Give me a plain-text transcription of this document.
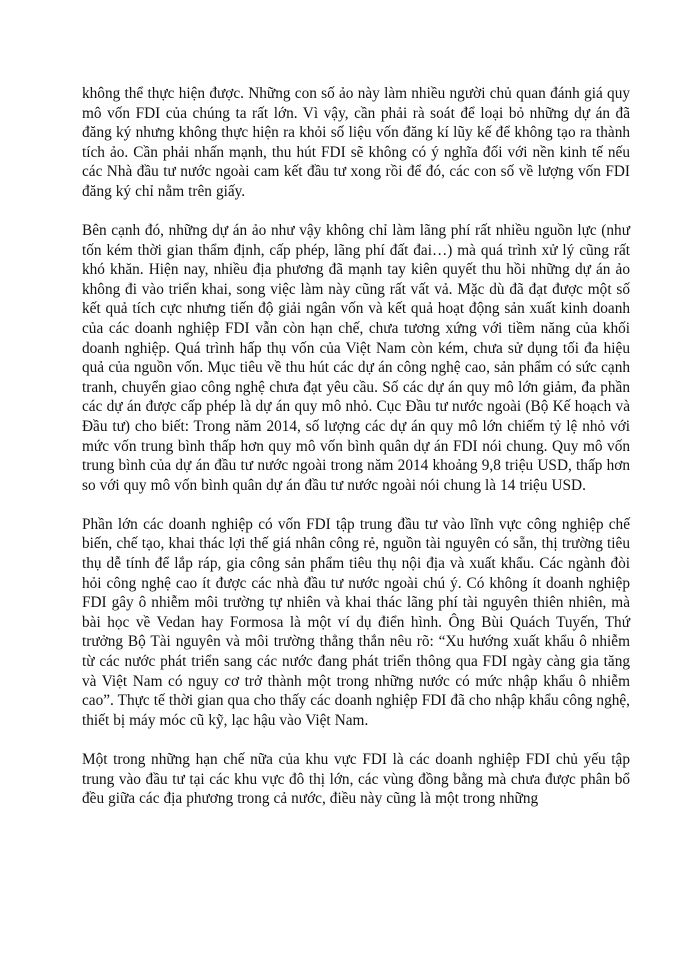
không thể thực hiện được. Những con số ảo này làm nhiều người chủ quan đánh giá quy mô vốn FDI của chúng ta rất lớn. Vì vậy, cần phải rà soát để loại bỏ những dự án đã đăng ký nhưng không thực hiện ra khỏi số liệu vốn đăng kí lũy kế để không tạo ra thành tích ảo. Cần phải nhấn mạnh, thu hút FDI sẽ không có ý nghĩa đối với nền kinh tế nếu các Nhà đầu tư nước ngoài cam kết đầu tư xong rồi để đó, các con số về lượng vốn FDI đăng ký chỉ nằm trên giấy.

Bên cạnh đó, những dự án ảo như vậy không chỉ làm lãng phí rất nhiều nguồn lực (như tốn kém thời gian thẩm định, cấp phép, lãng phí đất đai…) mà quá trình xử lý cũng rất khó khăn. Hiện nay, nhiều địa phương đã mạnh tay kiên quyết thu hồi những dự án ảo không đi vào triển khai, song việc làm này cũng rất vất vả. Mặc dù đã đạt được một số kết quả tích cực nhưng tiến độ giải ngân vốn và kết quả hoạt động sản xuất kinh doanh của các doanh nghiệp FDI vẫn còn hạn chế, chưa tương xứng với tiềm năng của khối doanh nghiệp. Quá trình hấp thụ vốn của Việt Nam còn kém, chưa sử dụng tối đa hiệu quả của nguồn vốn. Mục tiêu về thu hút các dự án công nghệ cao, sản phẩm có sức cạnh tranh, chuyển giao công nghệ chưa đạt yêu cầu. Số các dự án quy mô lớn giảm, đa phần các dự án được cấp phép là dự án quy mô nhỏ. Cục Đầu tư nước ngoài (Bộ Kế hoạch và Đầu tư) cho biết: Trong năm 2014, số lượng các dự án quy mô lớn chiếm tỷ lệ nhỏ với mức vốn trung bình thấp hơn quy mô vốn bình quân dự án FDI nói chung. Quy mô vốn trung bình của dự án đầu tư nước ngoài trong năm 2014 khoảng 9,8 triệu USD, thấp hơn so với quy mô vốn bình quân dự án đầu tư nước ngoài nói chung là 14 triệu USD.

Phần lớn các doanh nghiệp có vốn FDI tập trung đầu tư vào lĩnh vực công nghiệp chế biến, chế tạo, khai thác lợi thế giá nhân công rẻ, nguồn tài nguyên có sẵn, thị trường tiêu thụ dễ tính để lắp ráp, gia công sản phẩm tiêu thụ nội địa và xuất khẩu. Các ngành đòi hỏi công nghệ cao ít được các nhà đầu tư nước ngoài chú ý. Có không ít doanh nghiệp FDI gây ô nhiễm môi trường tự nhiên và khai thác lãng phí tài nguyên thiên nhiên, mà bài học về Vedan hay Formosa là một ví dụ điển hình. Ông Bùi Quách Tuyến, Thứ trưởng Bộ Tài nguyên và môi trường thẳng thắn nêu rõ: “Xu hướng xuất khẩu ô nhiễm từ các nước phát triển sang các nước đang phát triển thông qua FDI ngày càng gia tăng và Việt Nam có nguy cơ trở thành một trong những nước có mức nhập khẩu ô nhiễm cao”. Thực tế thời gian qua cho thấy các doanh nghiệp FDI đã cho nhập khẩu công nghệ, thiết bị máy móc cũ kỹ, lạc hậu vào Việt Nam.

Một trong những hạn chế nữa của khu vực FDI là các doanh nghiệp FDI chủ yếu tập trung vào đầu tư tại các khu vực đô thị lớn, các vùng đồng bằng mà chưa được phân bổ đều giữa các địa phương trong cả nước, điều này cũng là một trong những
